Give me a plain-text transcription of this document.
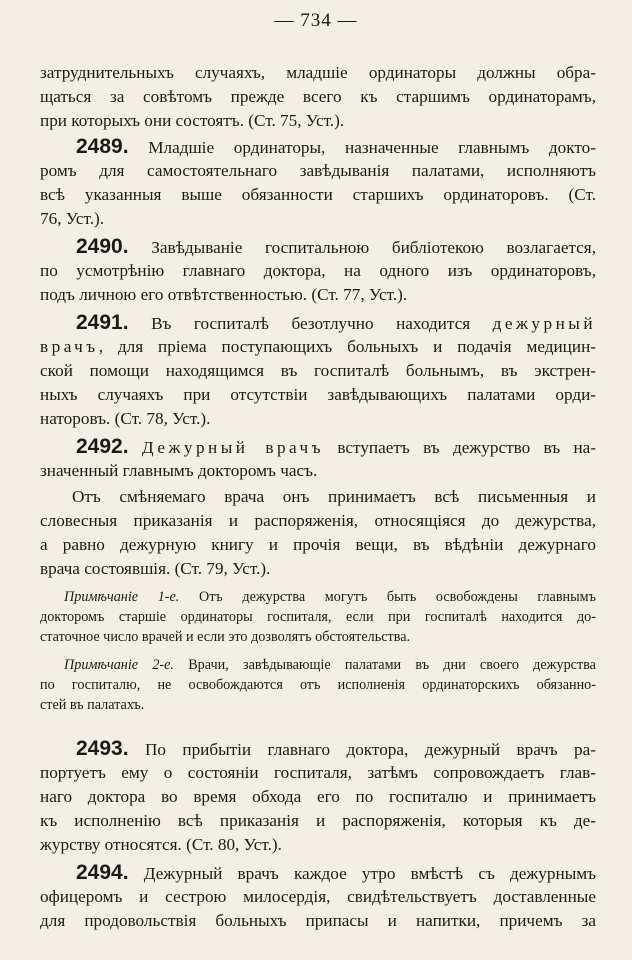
— 734 —
затруднительныхъ случаяхъ, младшіе ординаторы должны обра-
щаться за совѣтомъ прежде всего къ старшимъ ординаторамъ,
при которыхъ они состоятъ. (Ст. 75, Уст.).
2489. Младшіе ординаторы, назначенные главнымъ докто-
ромъ для самостоятельнаго завѣдыванія палатами, исполняютъ
всѣ указанныя выше обязанности старшихъ ординаторовъ. (Ст.
76, Уст.).
2490. Завѣдываніе госпитальною библіотекою возлагается,
по усмотрѣнію главнаго доктора, на одного изъ ординаторовъ,
подъ личною его отвѣтственностью. (Ст. 77, Уст.).
2491. Въ госпиталѣ безотлучно находится дежурный
врачъ, для пріема поступающихъ больныхъ и подачія медицин-
ской помощи находящимся въ госпиталѣ больнымъ, въ экстрен-
ныхъ случаяхъ при отсутствіи завѣдывающихъ палатами орди-
наторовъ. (Ст. 78, Уст.).
2492. Дежурный врачъ вступаетъ въ дежурство въ на-
значенный главнымъ докторомъ часъ.
Отъ смѣняемаго врача онъ принимаетъ всѣ письменныя и
словесныя приказанія и распоряженія, относящіяся до дежурства,
а равно дежурную книгу и прочія вещи, въ вѣдѣніи дежурнаго
врача состоявшія. (Ст. 79, Уст.).
Примѣчаніе 1-е. Отъ дежурства могутъ быть освобождены главнымъ
докторомъ старшіе ординаторы госпиталя, если при госпиталѣ находится до-
статочное число врачей и если это дозволятъ обстоятельства.
Примѣчаніе 2-е. Врачи, завѣдывающіе палатами въ дни своего дежурства
по госпиталю, не освобождаются отъ исполненія ординаторскихъ обязанно-
стей въ палатахъ.
2493. По прибытіи главнаго доктора, дежурный врачъ ра-
портуетъ ему о состояніи госпиталя, затѣмъ сопровождаетъ глав-
наго доктора во время обхода его по госпиталю и принимаетъ
къ исполненію всѣ приказанія и распоряженія, которыя къ де-
журству относятся. (Ст. 80, Уст.).
2494. Дежурный врачъ каждое утро вмѣстѣ съ дежурнымъ
офицеромъ и сестрою милосердія, свидѣтельствуетъ доставленные
для продовольствія больныхъ припасы и напитки, причемъ за
